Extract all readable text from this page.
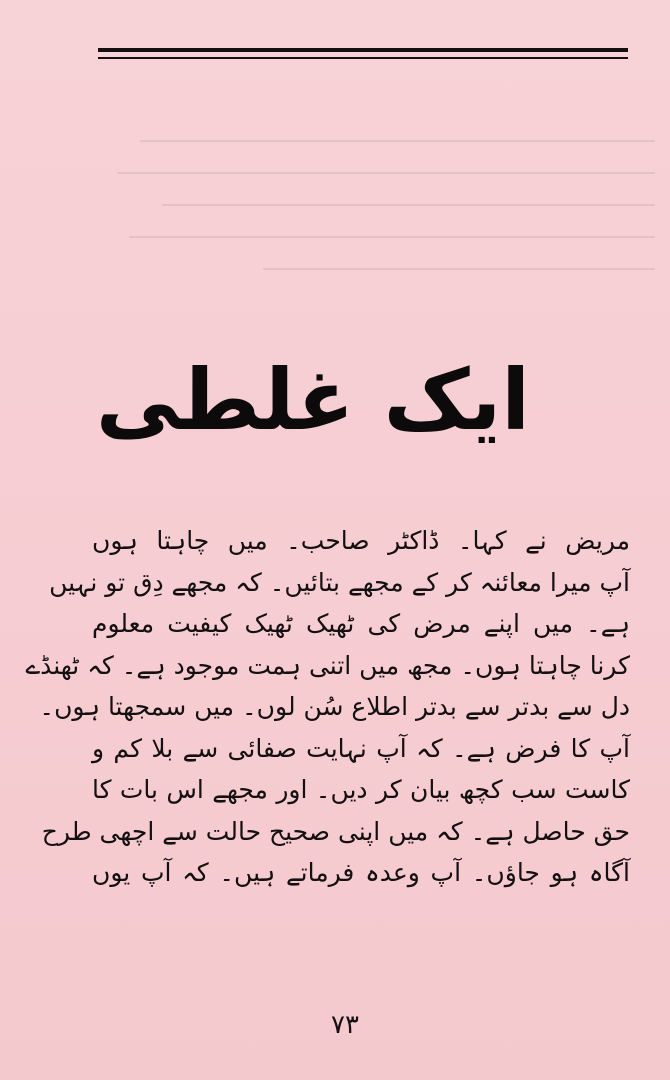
ایک غلطی
مریض نے کہا۔ ڈاکٹر صاحب۔ میں چاہتا ہوں
آپ میرا معائنہ کر کے مجھے بتائیں۔ کہ مجھے دِق تو نہیں
ہے۔ میں اپنے مرض کی ٹھیک ٹھیک کیفیت معلوم
کرنا چاہتا ہوں۔ مجھ میں اتنی ہمت موجود ہے۔ کہ ٹھنڈے
دل سے بدتر سے بدتر اطلاع سُن لوں۔ میں سمجھتا ہوں۔
آپ کا فرض ہے۔ کہ آپ نہایت صفائی سے بلا کم و
کاست سب کچھ بیان کر دیں۔ اور مجھے اس بات کا
حق حاصل ہے۔ کہ میں اپنی صحیح حالت سے اچھی طرح
آگاہ ہو جاؤں۔ آپ وعدہ فرماتے ہیں۔ کہ آپ یوں
۷۳
